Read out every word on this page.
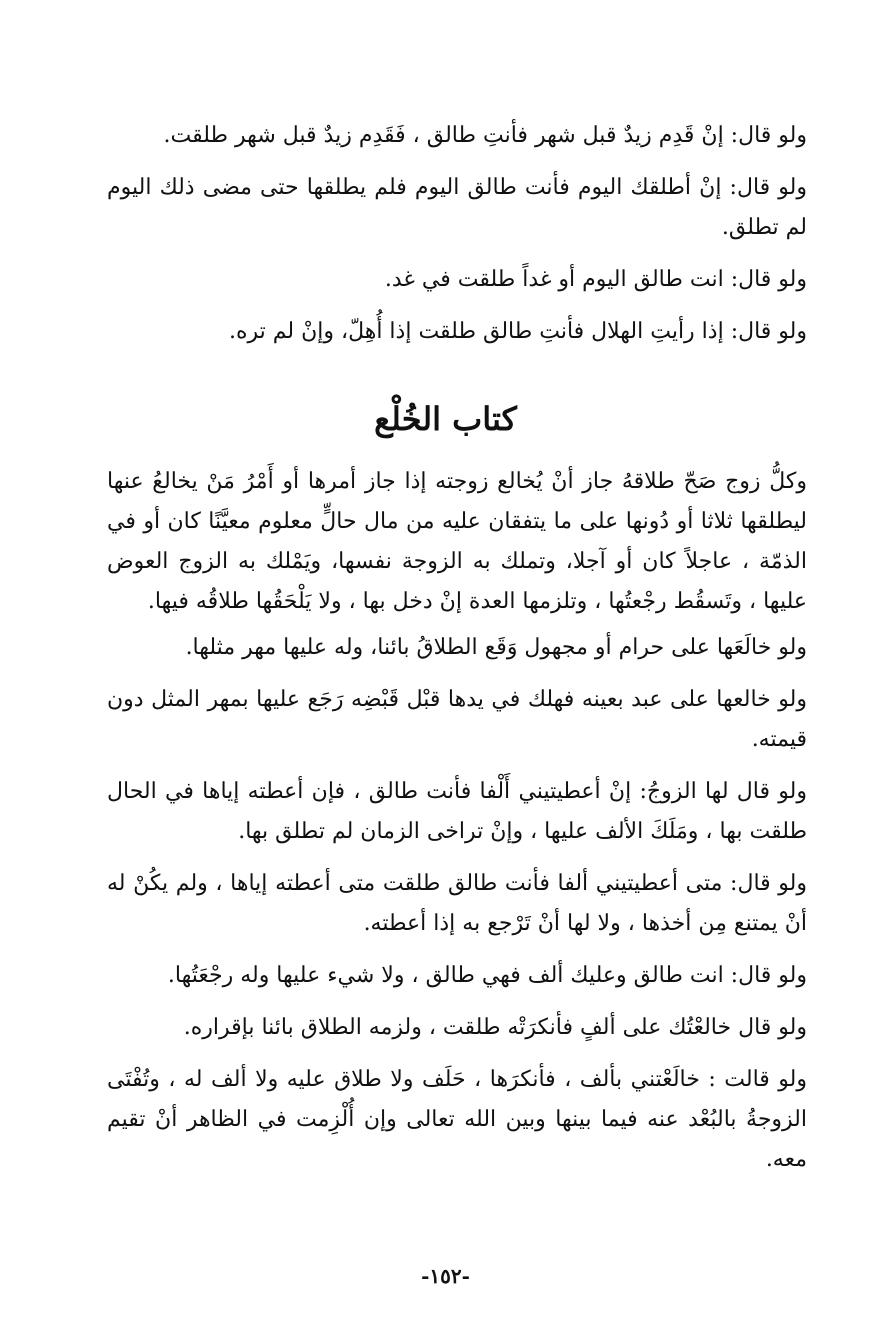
ولو قال: إنْ قَدِم زيدٌ قبل شهر فأنتِ طالق ، فَقَدِم زيدٌ قبل شهر طلقت.

ولو قال: إنْ أطلقك اليوم فأنت طالق اليوم فلم يطلقها حتى مضى ذلك اليوم لم تطلق.

ولو قال: انت طالق اليوم أو غداً طلقت في غد.

ولو قال: إذا رأيتِ الهلال فأنتِ طالق طلقت إذا أُهِلّ، وإنْ لم تره.

كتاب الخُلْع

وكلُّ زوج صَحّ طلاقهُ جاز أنْ يُخالع زوجته إذا جاز أمرها أو أَمْرُ مَنْ يخالعُ عنها ليطلقها ثلاثا أو دُونها على ما يتفقان عليه من مال حالٍّ معلوم معيَّنًا كان أو في الذمّة ، عاجلاً كان أو آجلا، وتملك به الزوجة نفسها، ويَمْلك به الزوج العوض عليها ، وتَسقُط رجْعتُها ، وتلزمها العدة إنْ دخل بها ، ولا يَلْحَقُها طلاقُه فيها.

ولو خالَعَها على حرام أو مجهول وَقَع الطلاقُ بائنا، وله عليها مهر مثلها.

ولو خالعها على عبد بعينه فهلك في يدها قبْل قَبْضِه رَجَع عليها بمهر المثل دون قيمته.

ولو قال لها الزوجُ: إنْ أعطيتيني أَلْفا فأنت طالق ، فإن أعطته إياها في الحال طلقت بها ، ومَلَكَ الألف عليها ، وإنْ تراخى الزمان لم تطلق بها.

ولو قال: متى أعطيتيني ألفا فأنت طالق طلقت متى أعطته إياها ، ولم يكُنْ له أنْ يمتنع مِن أخذها ، ولا لها أنْ تَرْجع به إذا أعطته.

ولو قال: انت طالق وعليك ألف فهي طالق ، ولا شيء عليها وله رجْعَتُها.

ولو قال خالعْتُك على ألفٍ فأنكرَتْه طلقت ، ولزمه الطلاق بائنا بإقراره.

ولو قالت : خالَعْتني بألف ، فأنكرَها ، حَلَف ولا طلاق عليه ولا ألف له ، وتُفْتَى الزوجةُ بالبُعْد عنه فيما بينها وبين الله تعالى وإن أُلْزِمت في الظاهر أنْ تقيم معه.

-١٥٢-
